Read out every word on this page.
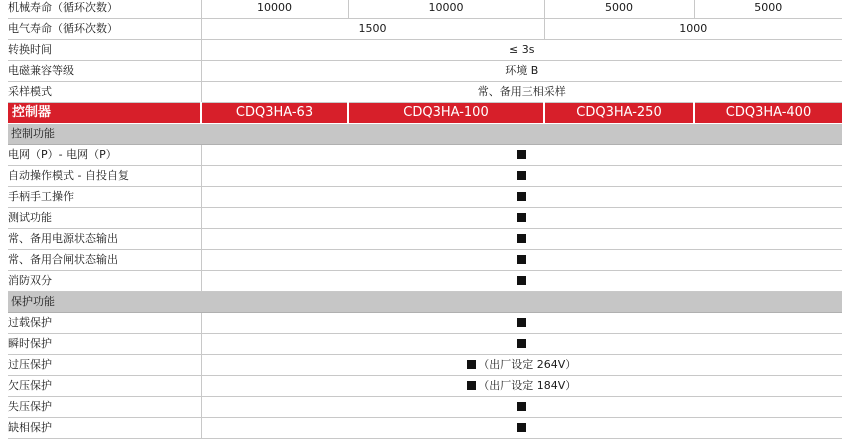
机械寿命（循环次数）	10000	10000	5000	5000
电气寿命（循环次数）	1500		1000	
转换时间	≤ 3s			
电磁兼容等级	环境 B			
采样模式	常、备用三相采样			
控制器	CDQ3HA-63	CDQ3HA-100	CDQ3HA-250	CDQ3HA-400
控制功能				
电网（P）- 电网（P）				
自动操作模式 - 自投自复				
手柄手工操作				
测试功能				
常、备用电源状态输出				
常、备用合闸状态输出				
消防双分				
保护功能				
过载保护				
瞬时保护				
过压保护	（出厂设定 264V）			
欠压保护	（出厂设定 184V）			
失压保护				
缺相保护				
